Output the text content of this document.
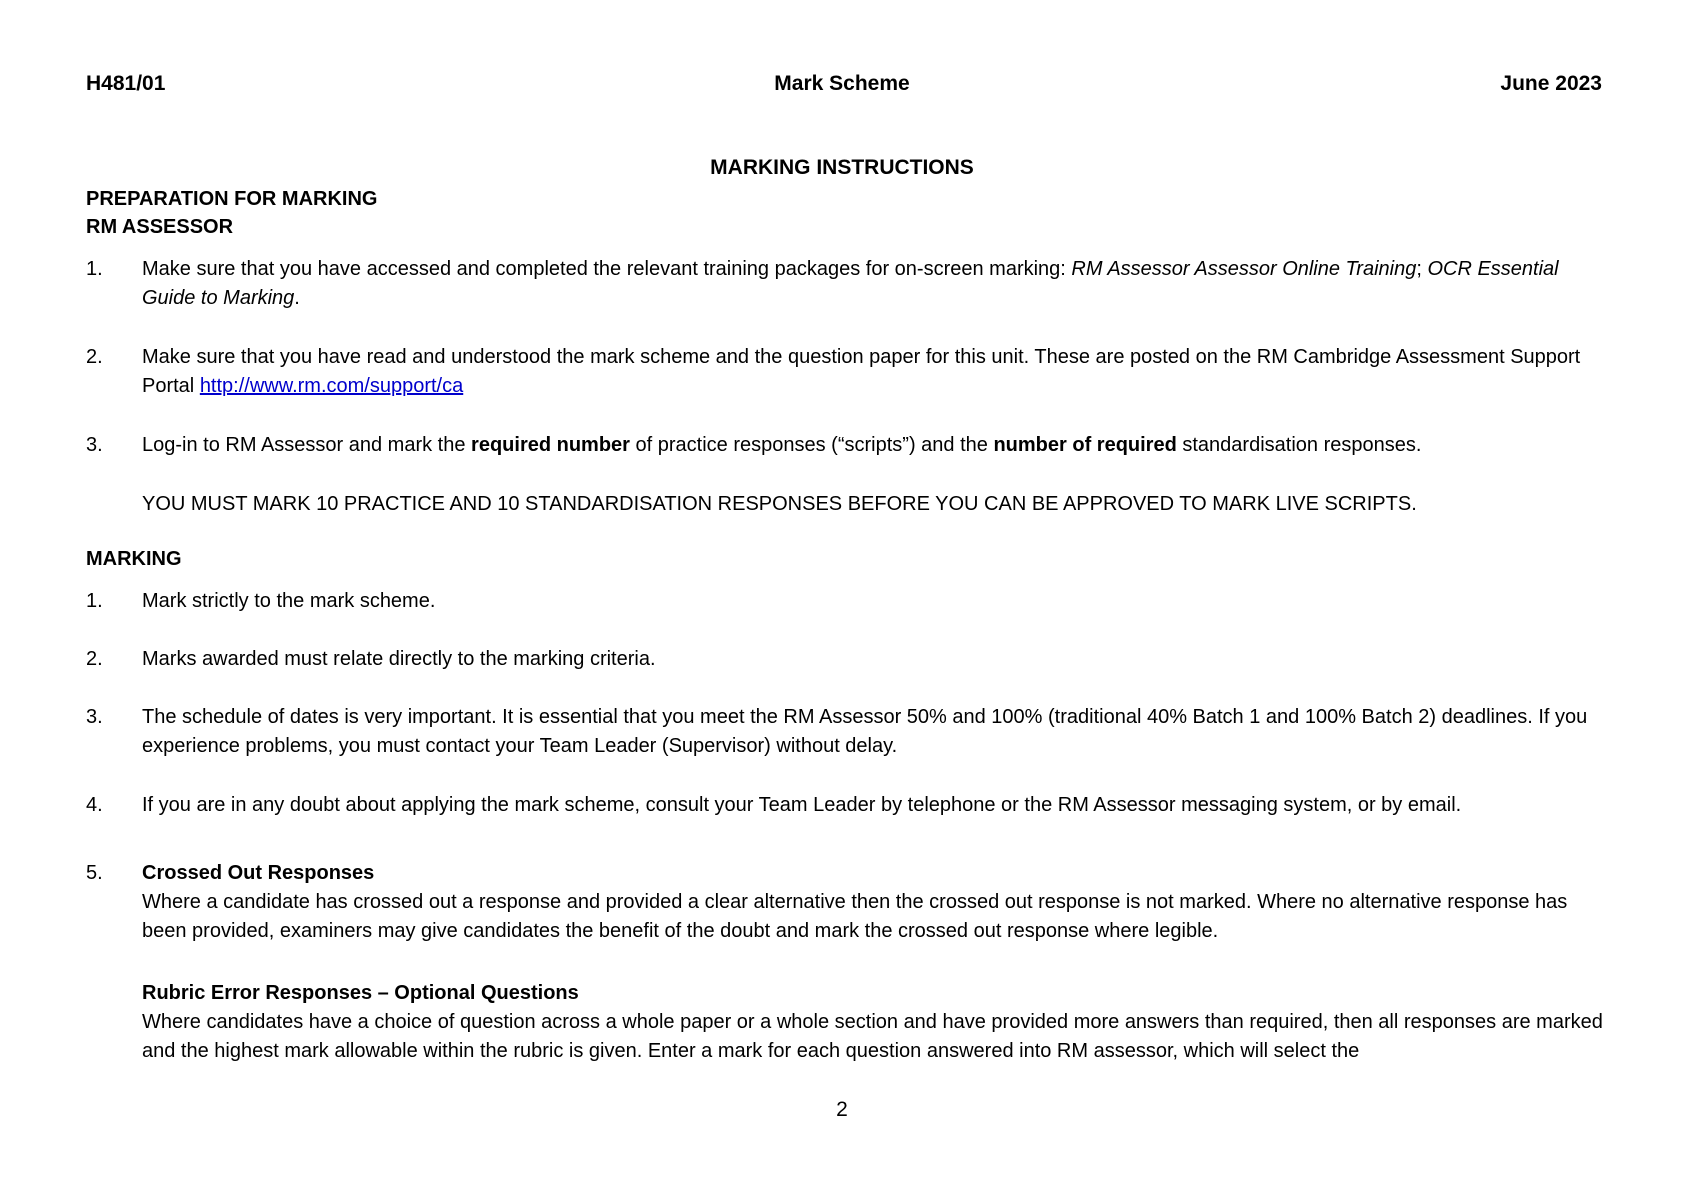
H481/01	Mark Scheme	June 2023
MARKING INSTRUCTIONS
PREPARATION FOR MARKING
RM ASSESSOR
1. Make sure that you have accessed and completed the relevant training packages for on-screen marking: RM Assessor Assessor Online Training; OCR Essential Guide to Marking.
2. Make sure that you have read and understood the mark scheme and the question paper for this unit. These are posted on the RM Cambridge Assessment Support Portal http://www.rm.com/support/ca
3. Log-in to RM Assessor and mark the required number of practice responses (“scripts”) and the number of required standardisation responses.
YOU MUST MARK 10 PRACTICE AND 10 STANDARDISATION RESPONSES BEFORE YOU CAN BE APPROVED TO MARK LIVE SCRIPTS.
MARKING
1. Mark strictly to the mark scheme.
2. Marks awarded must relate directly to the marking criteria.
3. The schedule of dates is very important. It is essential that you meet the RM Assessor 50% and 100% (traditional 40% Batch 1 and 100% Batch 2) deadlines. If you experience problems, you must contact your Team Leader (Supervisor) without delay.
4. If you are in any doubt about applying the mark scheme, consult your Team Leader by telephone or the RM Assessor messaging system, or by email.
5. Crossed Out Responses
Where a candidate has crossed out a response and provided a clear alternative then the crossed out response is not marked. Where no alternative response has been provided, examiners may give candidates the benefit of the doubt and mark the crossed out response where legible.
Rubric Error Responses – Optional Questions
Where candidates have a choice of question across a whole paper or a whole section and have provided more answers than required, then all responses are marked and the highest mark allowable within the rubric is given. Enter a mark for each question answered into RM assessor, which will select the
2
